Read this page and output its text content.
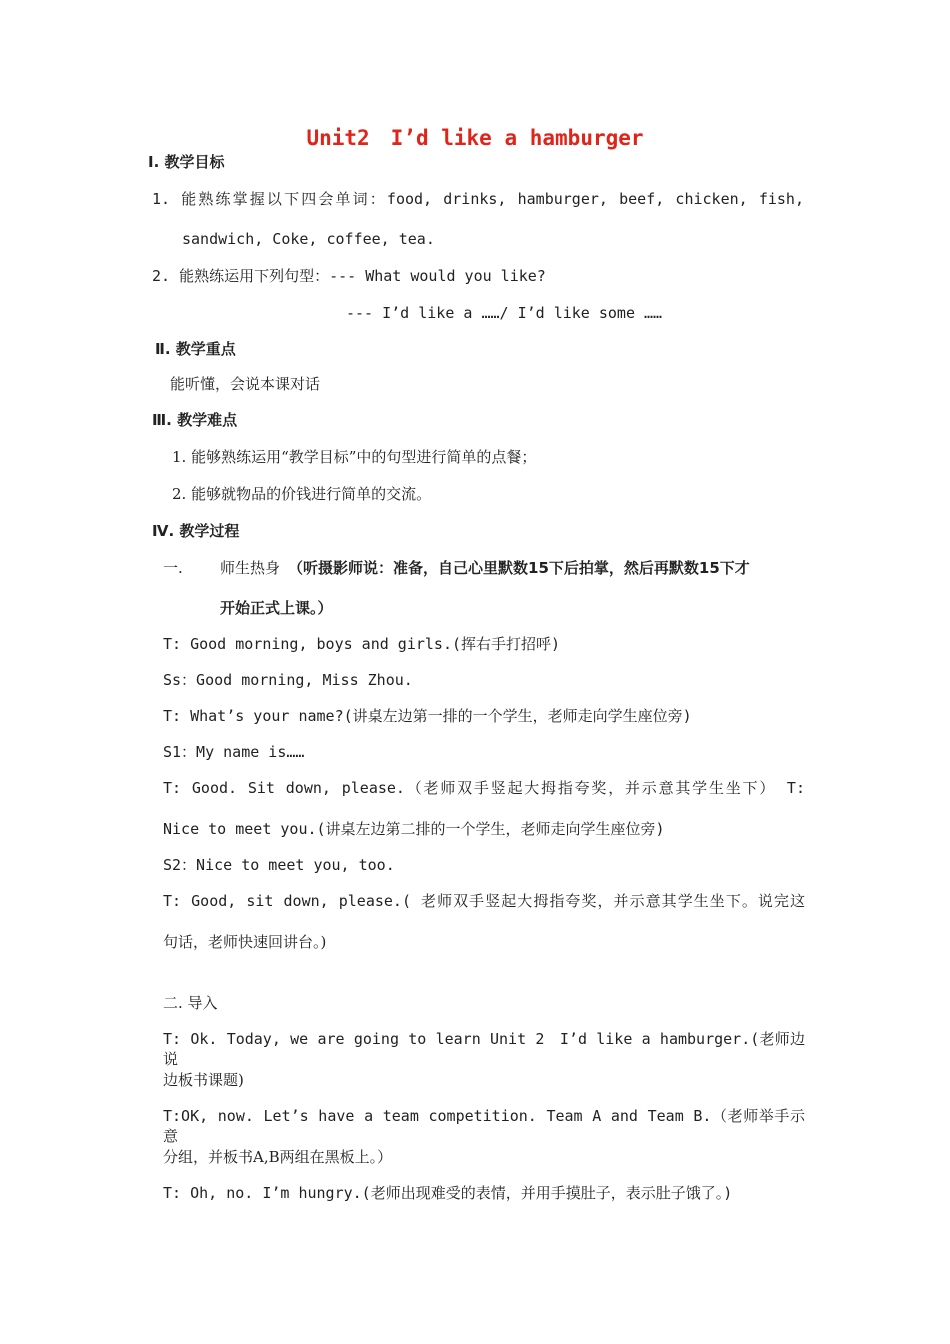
Unit2　I’d like a hamburger
Ⅰ. 教学目标
1. 能熟练掌握以下四会单词：food, drinks, hamburger, beef, chicken, fish,
sandwich, Coke, coffee, tea.
2. 能熟练运用下列句型：--- What would you like?
--- I’d like a ……/ I’d like some ……
Ⅱ. 教学重点
能听懂，会说本课对话
Ⅲ. 教学难点
1. 能够熟练运用“教学目标”中的句型进行简单的点餐；
2. 能够就物品的价钱进行简单的交流。
Ⅳ. 教学过程
一. 师生热身 （听摄影师说：准备，自己心里默数15下后拍掌，然后再默数15下才
开始正式上课。）
T: Good morning, boys and girls.(挥右手打招呼)
Ss：Good morning, Miss Zhou.
T: What’s your name?(讲桌左边第一排的一个学生，老师走向学生座位旁)
S1：My name is……
T: Good. Sit down, please.（老师双手竖起大拇指夸奖，并示意其学生坐下） T:
Nice to meet you.(讲桌左边第二排的一个学生，老师走向学生座位旁)
S2：Nice to meet you, too.
T: Good, sit down, please.( 老师双手竖起大拇指夸奖，并示意其学生坐下。说完这
句话，老师快速回讲台。)
二. 导入
T: Ok. Today, we are going to learn Unit 2　I’d like a hamburger.(老师边说
边板书课题)
T:OK, now. Let’s have a team competition. Team A and Team B.（老师举手示意
分组，并板书A,B两组在黑板上。）
T: Oh, no. I’m hungry.(老师出现难受的表情，并用手摸肚子，表示肚子饿了。)
